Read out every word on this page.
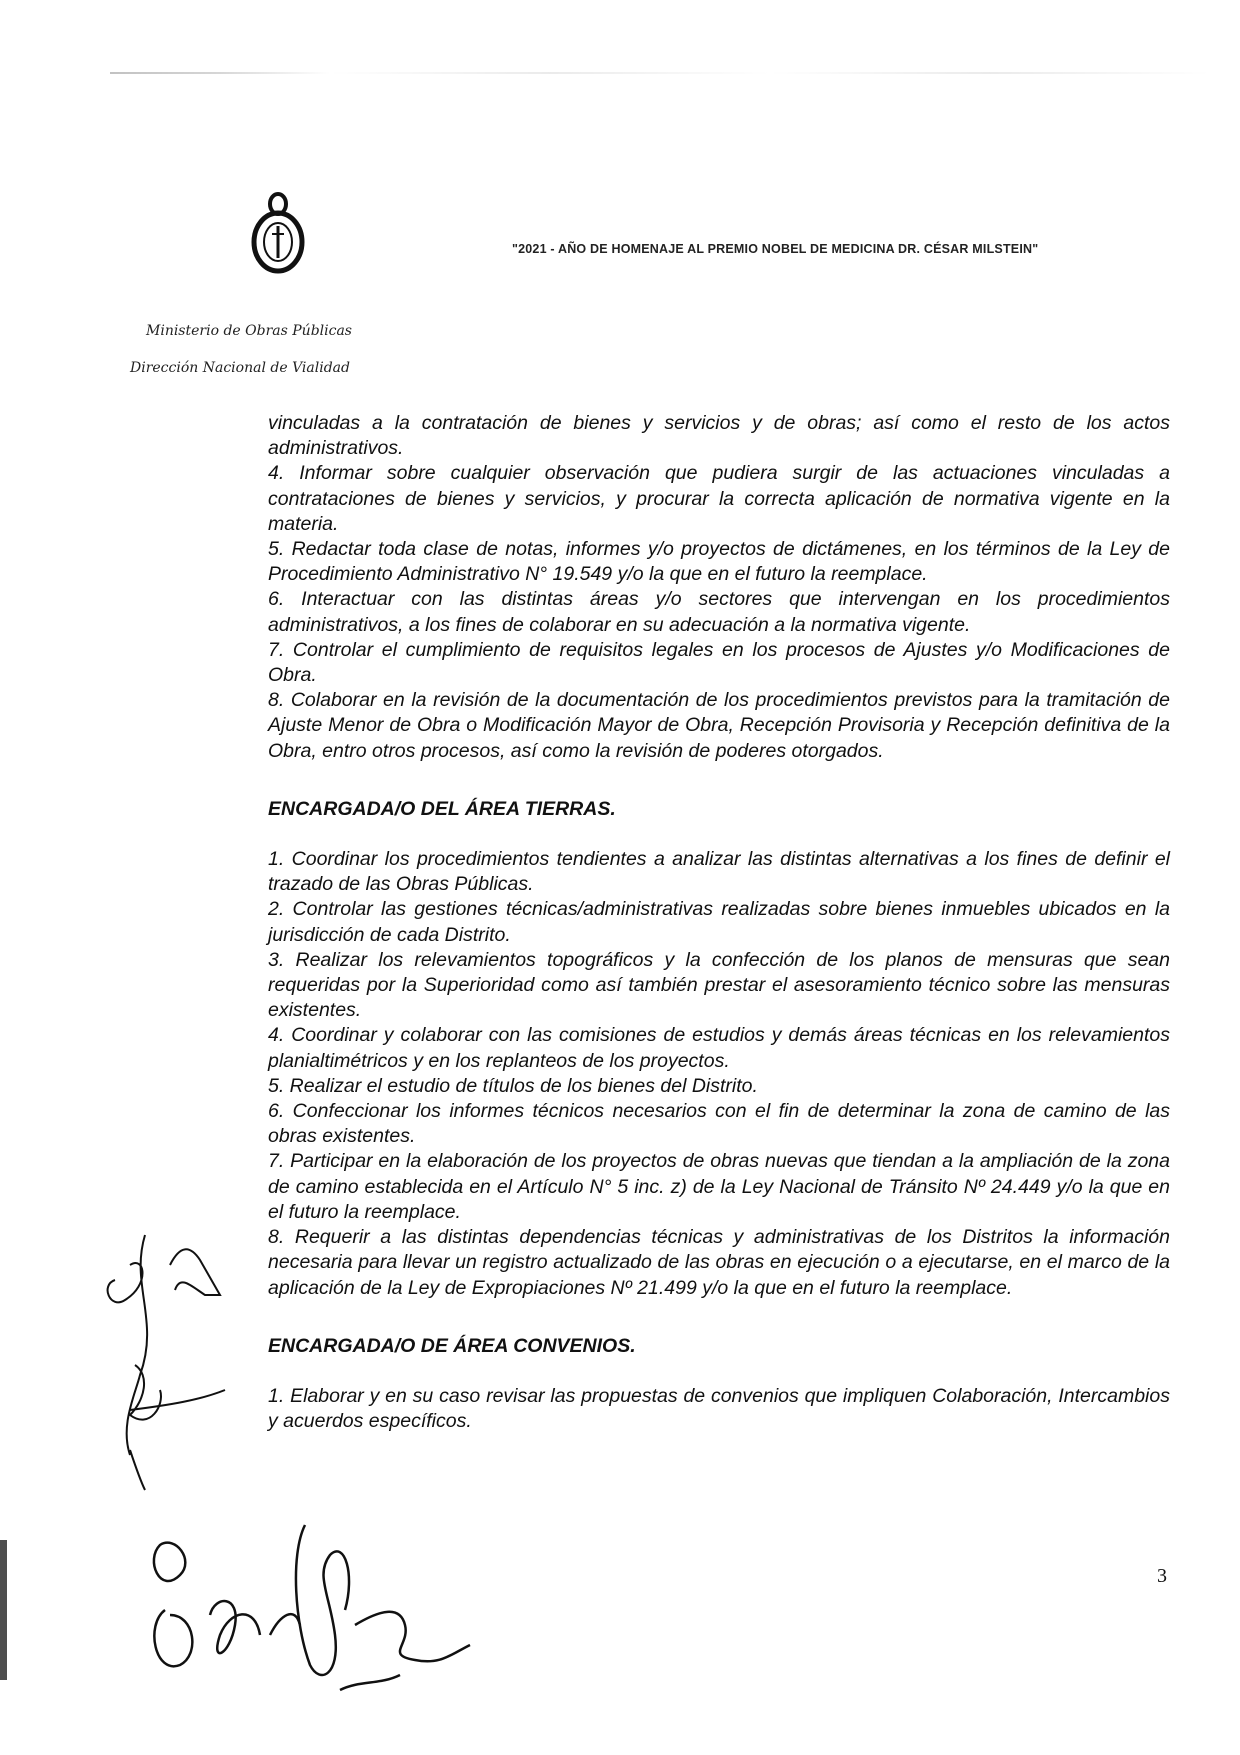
"2021 - AÑO DE HOMENAJE AL PREMIO NOBEL DE MEDICINA DR. CÉSAR MILSTEIN"
Ministerio de Obras Públicas
Dirección Nacional de Vialidad

vinculadas a la contratación de bienes y servicios y de obras; así como el resto de los actos administrativos.

4. Informar sobre cualquier observación que pudiera surgir de las actuaciones vinculadas a contrataciones de bienes y servicios, y procurar la correcta aplicación de normativa vigente en la materia.

5. Redactar toda clase de notas, informes y/o proyectos de dictámenes, en los términos de la Ley de Procedimiento Administrativo N° 19.549 y/o la que en el futuro la reemplace.

6. Interactuar con las distintas áreas y/o sectores que intervengan en los procedimientos administrativos, a los fines de colaborar en su adecuación a la normativa vigente.

7. Controlar el cumplimiento de requisitos legales en los procesos de Ajustes y/o Modificaciones de Obra.

8. Colaborar en la revisión de la documentación de los procedimientos previstos para la tramitación de Ajuste Menor de Obra o Modificación Mayor de Obra, Recepción Provisoria y Recepción definitiva de la Obra, entro otros procesos, así como la revisión de poderes otorgados.

ENCARGADA/O DEL ÁREA TIERRAS.

1. Coordinar los procedimientos tendientes a analizar las distintas alternativas a los fines de definir el trazado de las Obras Públicas.

2. Controlar las gestiones técnicas/administrativas realizadas sobre bienes inmuebles ubicados en la jurisdicción de cada Distrito.

3. Realizar los relevamientos topográficos y la confección de los planos de mensuras que sean requeridas por la Superioridad como así también prestar el asesoramiento técnico sobre las mensuras existentes.

4. Coordinar y colaborar con las comisiones de estudios y demás áreas técnicas en los relevamientos planialtimétricos y en los replanteos de los proyectos.

5. Realizar el estudio de títulos de los bienes del Distrito.

6. Confeccionar los informes técnicos necesarios con el fin de determinar la zona de camino de las obras existentes.

7. Participar en la elaboración de los proyectos de obras nuevas que tiendan a la ampliación de la zona de camino establecida en el Artículo N° 5 inc. z) de la Ley Nacional de Tránsito Nº 24.449 y/o la que en el futuro la reemplace.

8. Requerir a las distintas dependencias técnicas y administrativas de los Distritos la información necesaria para llevar un registro actualizado de las obras en ejecución o a ejecutarse, en el marco de la aplicación de la Ley de Expropiaciones Nº 21.499 y/o la que en el futuro la reemplace.

ENCARGADA/O DE ÁREA CONVENIOS.

1. Elaborar y en su caso revisar las propuestas de convenios que impliquen Colaboración, Intercambios y acuerdos específicos.

3
